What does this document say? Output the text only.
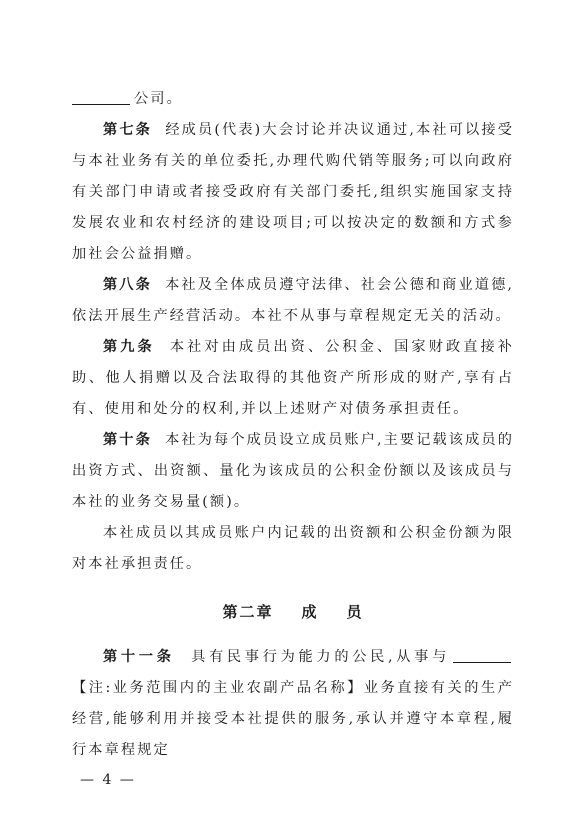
公司。

第七条 经成员(代表)大会讨论并决议通过,本社可以接受与本社业务有关的单位委托,办理代购代销等服务;可以向政府有关部门申请或者接受政府有关部门委托,组织实施国家支持发展农业和农村经济的建设项目;可以按决定的数额和方式参加社会公益捐赠。

第八条 本社及全体成员遵守法律、社会公德和商业道德,依法开展生产经营活动。本社不从事与章程规定无关的活动。

第九条 本社对由成员出资、公积金、国家财政直接补助、他人捐赠以及合法取得的其他资产所形成的财产,享有占有、使用和处分的权利,并以上述财产对债务承担责任。

第十条 本社为每个成员设立成员账户,主要记载该成员的出资方式、出资额、量化为该成员的公积金份额以及该成员与本社的业务交易量(额)。

本社成员以其成员账户内记载的出资额和公积金份额为限对本社承担责任。

第二章 成 员

第十一条 具有民事行为能力的公民,从事与【注:业务范围内的主业农副产品名称】业务直接有关的生产经营,能够利用并接受本社提供的服务,承认并遵守本章程,履行本章程规定

— 4 —
